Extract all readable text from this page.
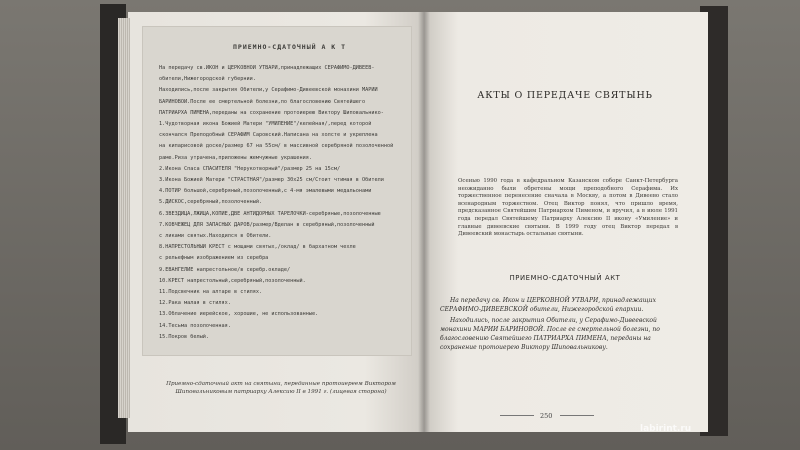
ПРИЕМНО-СДАТОЧНЫЙ А К Т
На передачу св.ИКОН и ЦЕРКОВНОЙ УТВАРИ,принадлежащих СЕРАФИМО-ДИВЕЕВ-
обители,Нижегородской губернии.
Находились,после закрытия Обители,у Серафимо-Дивеевской монахини МАРИИ
БАРИНОВОЙ.После ее смертельной болезни,по благословению Святейшего
ПАТРИАРХА ПИМЕНА,переданы на сохранение протоиерею Виктору Шиповальнико-
1.Чудотворная икона Божией Матери "УМИЛЕНИЕ"/келейная/,перед которой
скончался Преподобный СЕРАФИМ Саровский.Написана на холсте и укреплена
на кипарисовой доске/размер 67 на 55см/ в массивной серебряной позолоченной
раме.Риза утрачена,приложены жемчужные украшения.
2.Икона Спаса СПАСИТЕЛЯ "Нерукотворный"/размер 25 на 15см/
3.Икона Божией Матери "СТРАСТНАЯ"/размер 30х25 см/Стоит чтимая в Обители
4.ПОТИР большой,серебряный,позолоченный,с 4-мя эмалевыми медальонами
5.ДИСКОС,серебряный,позолоченный.
6.ЗВЕЗДИЦА,ЛЖИЦА,КОПИЕ,ДВЕ АНТИДОРНЫХ ТАРЕЛОЧКИ-серебряные,позолоченные
7.КОВЧЕЖЕЦ ДЛЯ ЗАПАСНЫХ ДАРОВ/размер/Вделан в серебряный,позолоченный
с ликами святых.Находился в Обители.
8.НАПРЕСТОЛЬНЫЙ КРЕСТ с мощами святых,/оклад/ в бархатном чехле
с рельефным изображением из серебра
9.ЕВАНГЕЛИЕ напрестольное/в серебр.окладе/
10.КРЕСТ напрестольный,серебряный,позолоченный.
11.Подсвечник на алтаре в стилях.
12.Рака малая в стилях.
13.Облачение иерейское, хорошие, не использованные.
14.Тесьма позолоченная.
15.Покров белый.
Приемно-сдаточный акт на святыни, переданные протоиереем Виктором Шиповальниковым патриарху Алексию II в 1991 г. (лицевая сторона)
АКТЫ О ПЕРЕДАЧЕ СВЯТЫНЬ
Осенью 1990 года в кафедральном Казанском соборе Санкт-Петербурга неожиданно были обретены мощи преподобного Серафима. Их торжественное перенесение сначала в Москву, а потом в Дивеево стало всенародным торжеством. Отец Виктор понял, что пришло время, предсказанное Святейшим Патриархом Пименом, и вручил, а в июле 1991 года передал Святейшему Патриарху Алексию II икону «Умиление» и главные дивеевские святыни. В 1999 году отец Виктор передал в Дивеевский монастырь остальные святыни.
ПРИЕМНО-СДАТОЧНЫЙ АКТ

На передачу св. Икон и ЦЕРКОВНОЙ УТВАРИ, принадлежащих СЕРАФИМО-ДИВЕЕВСКОЙ обители, Нижегородской епархии.

Находились, после закрытия Обители, у Серафимо-Дивеевской монахини МАРИИ БАРИНОВОЙ. После ее смертельной болезни, по благословению Святейшего ПАТРИАРХА ПИМЕНА, переданы на сохранение протоиерею Виктору Шиповальникову.

250
labirint.ru
